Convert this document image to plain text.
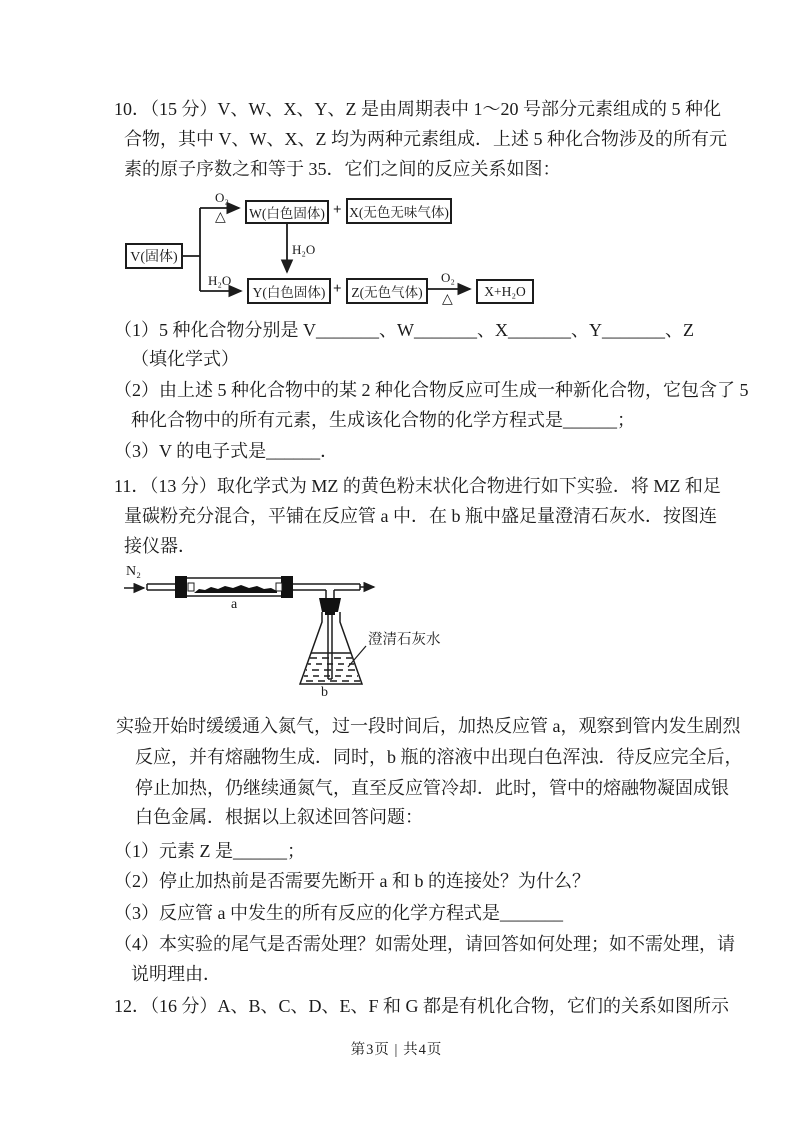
10．（15 分）V、W、X、Y、Z 是由周期表中 1～20 号部分元素组成的 5 种化
合物，其中 V、W、X、Z 均为两种元素组成．上述 5 种化合物涉及的所有元
素的原子序数之和等于 35．它们之间的反应关系如图：
V(固体)
W(白色固体)	X(无色无味气体)
Y(白色固体)	Z(无色气体)	X+H₂O
O₂
△	+
H₂O
H₂O
+
O₂
△
（1）5 种化合物分别是 V_______、W_______、X_______、Y_______、Z
（填化学式）
（2）由上述 5 种化合物中的某 2 种化合物反应可生成一种新化合物，它包含了 5
种化合物中的所有元素，生成该化合物的化学方程式是______；
（3）V 的电子式是______．
11．（13 分）取化学式为 MZ 的黄色粉末状化合物进行如下实验．将 MZ 和足
量碳粉充分混合，平铺在反应管 a 中．在 b 瓶中盛足量澄清石灰水．按图连
接仪器．
N₂
a
澄清石灰水
b
实验开始时缓缓通入氮气，过一段时间后，加热反应管 a，观察到管内发生剧烈
反应，并有熔融物生成．同时，b 瓶的溶液中出现白色浑浊．待反应完全后，
停止加热，仍继续通氮气，直至反应管冷却．此时，管中的熔融物凝固成银
白色金属．根据以上叙述回答问题：
（1）元素 Z 是______；
（2）停止加热前是否需要先断开 a 和 b 的连接处？为什么？
（3）反应管 a 中发生的所有反应的化学方程式是_______
（4）本实验的尾气是否需处理？如需处理，请回答如何处理；如不需处理，请
说明理由．
12．（16 分）A、B、C、D、E、F 和 G 都是有机化合物，它们的关系如图所示
第3页 | 共4页
